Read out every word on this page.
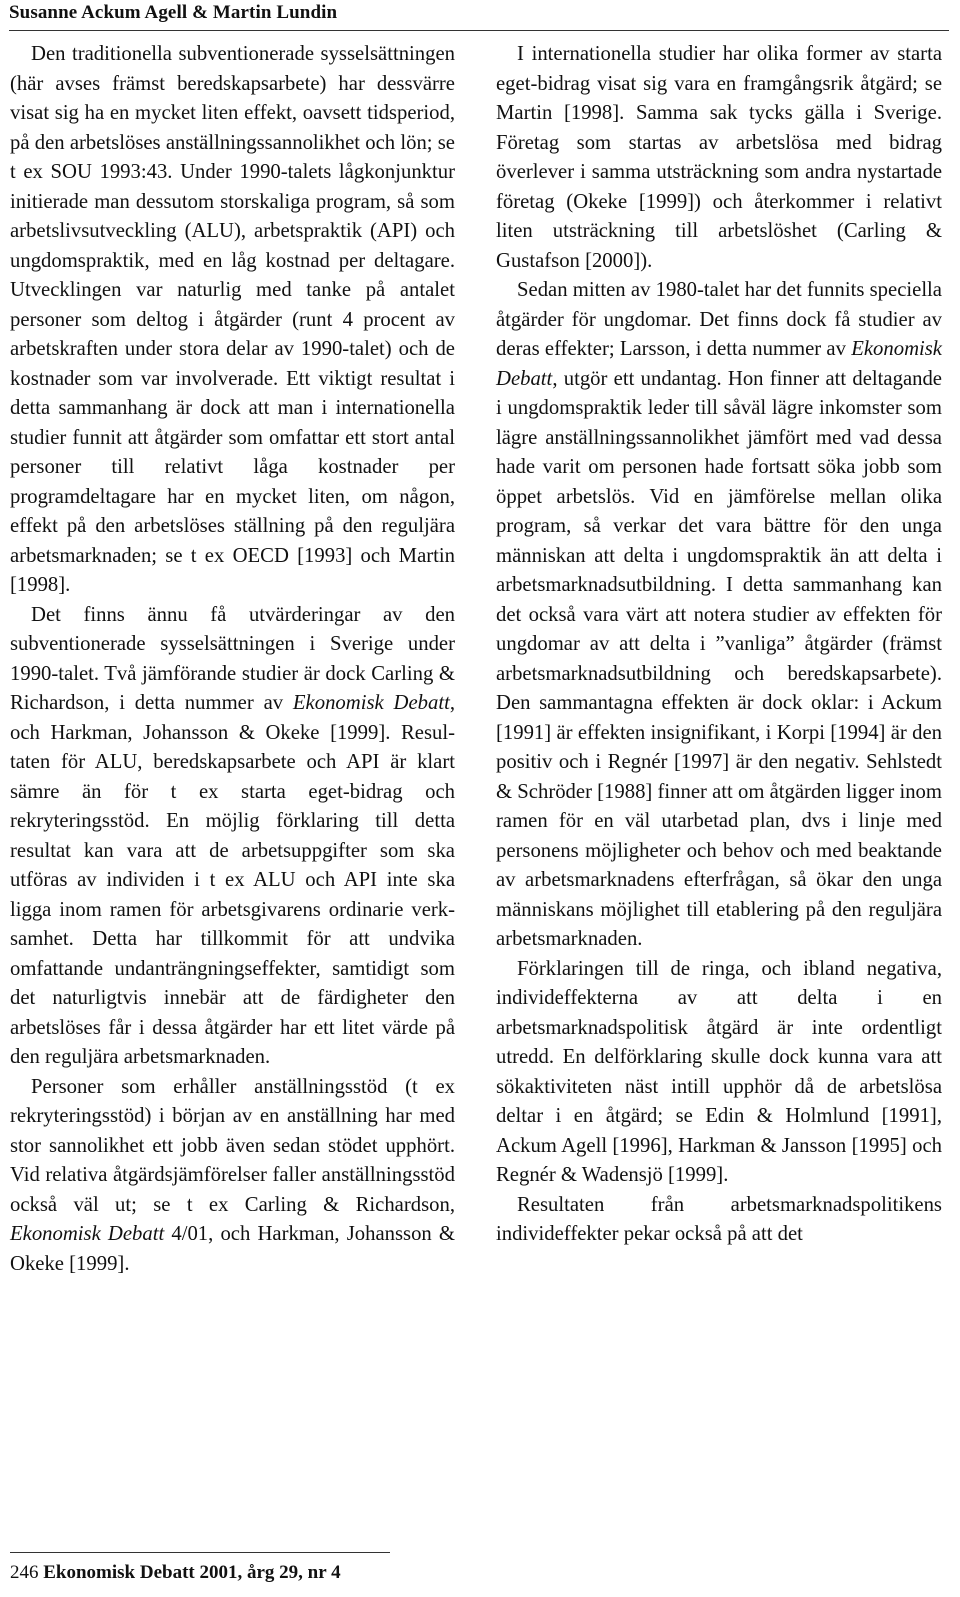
Susanne Ackum Agell & Martin Lundin

Den traditionella subventionerade sysselsättningen (här avses främst beredskapsarbete) har dessvärre visat sig ha en mycket liten effekt, oavsett tidsperiod, på den arbetslöses anställningssannolikhet och lön; se t ex SOU 1993:43. Under 1990-talets lågkonjunktur initierade man dessutom storskaliga program, så som arbetslivsutveckling (ALU), arbetspraktik (API) och ungdomspraktik, med en låg kostnad per deltagare. Utvecklingen var naturlig med tanke på antalet personer som deltog i åtgärder (runt 4 procent av arbetskraften under stora delar av 1990-talet) och de kostnader som var involverade. Ett viktigt resultat i detta sammanhang är dock att man i internationella studier funnit att åtgärder som omfattar ett stort antal personer till relativt låga kostnader per programdeltagare har en mycket liten, om någon, effekt på den arbetslöses ställning på den reguljära arbetsmarknaden; se t ex OECD [1993] och Martin [1998].

Det finns ännu få utvärderingar av den subventionerade sysselsättningen i Sverige under 1990-talet. Två jämförande studier är dock Carling & Richardson, i detta nummer av Ekonomisk Debatt, och Harkman, Johansson & Okeke [1999]. Resultaten för ALU, beredskapsarbete och API är klart sämre än för t ex starta eget-bidrag och rekryteringsstöd. En möjlig förklaring till detta resultat kan vara att de arbetsuppgifter som ska utföras av individen i t ex ALU och API inte ska ligga inom ramen för arbetsgivarens ordinarie verksamhet. Detta har tillkommit för att undvika omfattande undanträngningseffekter, samtidigt som det naturligtvis innebär att de färdigheter den arbetslöses får i dessa åtgärder har ett litet värde på den reguljära arbetsmarknaden.

Personer som erhåller anställningsstöd (t ex rekryteringsstöd) i början av en anställning har med stor sannolikhet ett jobb även sedan stödet upphört. Vid relativa åtgärdsjämförelser faller anställningsstöd också väl ut; se t ex Carling & Richardson, Ekonomisk Debatt 4/01, och Harkman, Johansson & Okeke [1999].

I internationella studier har olika former av starta eget-bidrag visat sig vara en framgångsrik åtgärd; se Martin [1998]. Samma sak tycks gälla i Sverige. Företag som startas av arbetslösa med bidrag överlever i samma utsträckning som andra nystartade företag (Okeke [1999]) och återkommer i relativt liten utsträckning till arbetslöshet (Carling & Gustafson [2000]).

Sedan mitten av 1980-talet har det funnits speciella åtgärder för ungdomar. Det finns dock få studier av deras effekter; Larsson, i detta nummer av Ekonomisk Debatt, utgör ett undantag. Hon finner att deltagande i ungdomspraktik leder till såväl lägre inkomster som lägre anställningssannolikhet jämfört med vad dessa hade varit om personen hade fortsatt söka jobb som öppet arbetslös. Vid en jämförelse mellan olika program, så verkar det vara bättre för den unga människan att delta i ungdomspraktik än att delta i arbetsmarknadsutbildning. I detta sammanhang kan det också vara värt att notera studier av effekten för ungdomar av att delta i ”vanliga” åtgärder (främst arbetsmarknadsutbildning och beredskapsarbete). Den sammantagna effekten är dock oklar: i Ackum [1991] är effekten insignifikant, i Korpi [1994] är den positiv och i Regnér [1997] är den negativ. Sehlstedt & Schröder [1988] finner att om åtgärden ligger inom ramen för en väl utarbetad plan, dvs i linje med personens möjligheter och behov och med beaktande av arbetsmarknadens efterfrågan, så ökar den unga människans möjlighet till etablering på den reguljära arbetsmarknaden.

Förklaringen till de ringa, och ibland negativa, individeffekterna av att delta i en arbetsmarknadspolitisk åtgärd är inte ordentligt utredd. En delförklaring skulle dock kunna vara att sökaktiviteten näst intill upphör då de arbetslösa deltar i en åtgärd; se Edin & Holmlund [1991], Ackum Agell [1996], Harkman & Jansson [1995] och Regnér & Wadensjö [1999].

Resultaten från arbetsmarknadspolitikens individeffekter pekar också på att det

246 Ekonomisk Debatt 2001, årg 29, nr 4
